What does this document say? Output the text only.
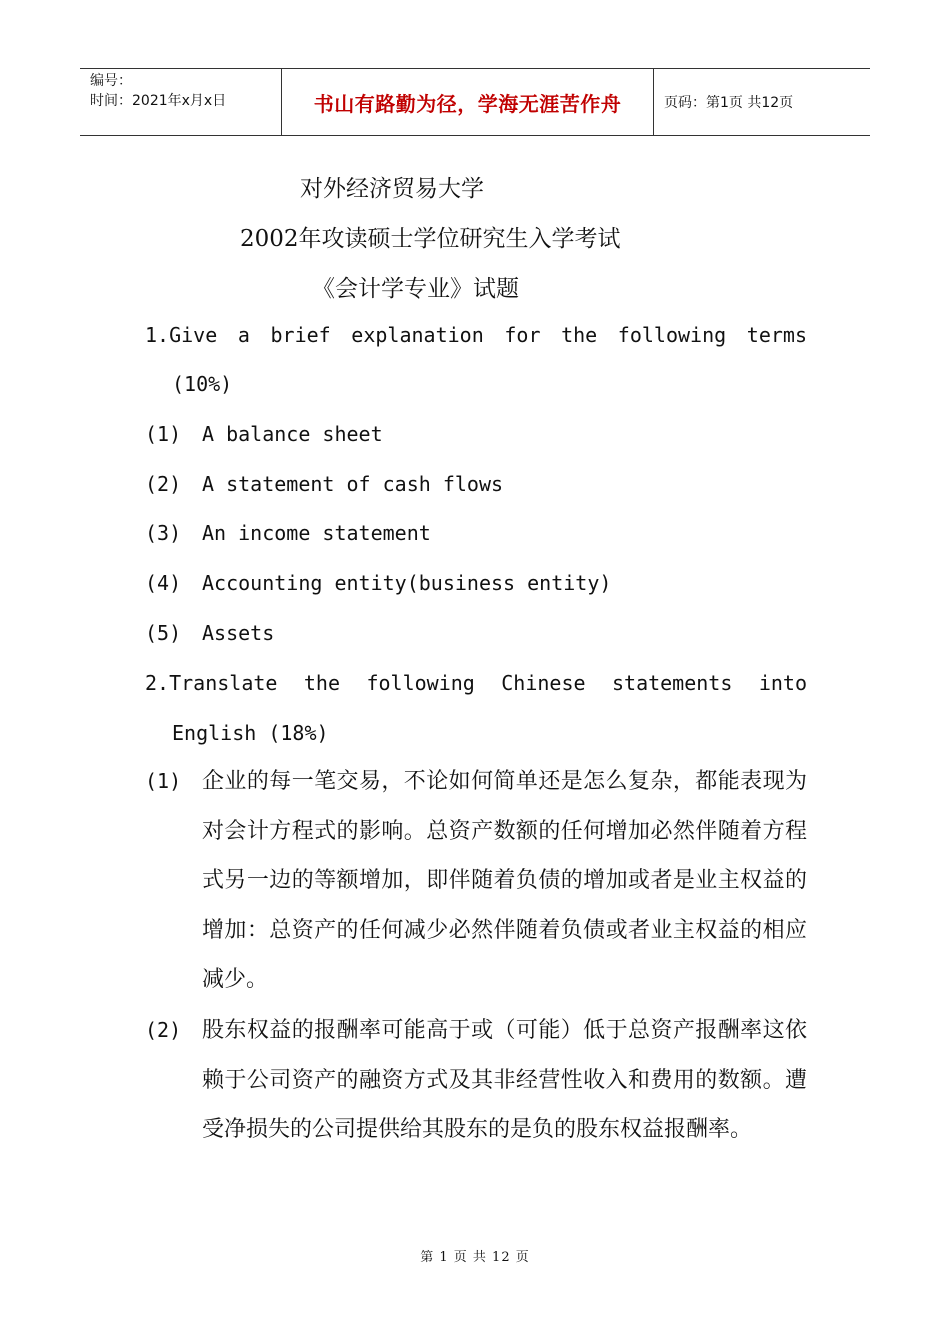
编号：
时间：2021年x月x日	书山有路勤为径，学海无涯苦作舟	页码：第1页 共12页
对外经济贸易大学
2002年攻读硕士学位研究生入学考试
《会计学专业》试题
1.Give a brief explanation for the following terms
(10%)
(1) A balance sheet
(2) A statement of cash flows
(3) An income statement
(4) Accounting entity(business entity)
(5) Assets
2.Translate the following Chinese statements into
English (18%)
(1) 企业的每一笔交易，不论如何简单还是怎么复杂，都能表现为对会计方程式的影响。总资产数额的任何增加必然伴随着方程式另一边的等额增加，即伴随着负债的增加或者是业主权益的增加：总资产的任何减少必然伴随着负债或者业主权益的相应减少。
(2) 股东权益的报酬率可能高于或（可能）低于总资产报酬率这依赖于公司资产的融资方式及其非经营性收入和费用的数额。遭受净损失的公司提供给其股东的是负的股东权益报酬率。
第 1 页 共 12 页
